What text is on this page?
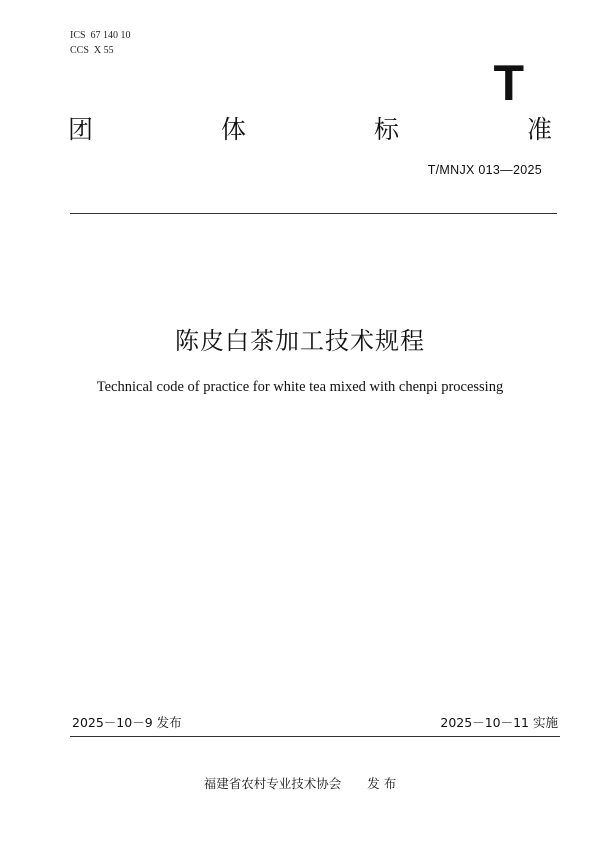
ICS  67 140 10
CCS  X 55
T
团	体	标	准
T/MNJX 013—2025
陈皮白茶加工技术规程
Technical code of practice for white tea mixed with chenpi processing
2025－10－9 发布	2025－10－11 实施
福建省农村专业技术协会 发 布
